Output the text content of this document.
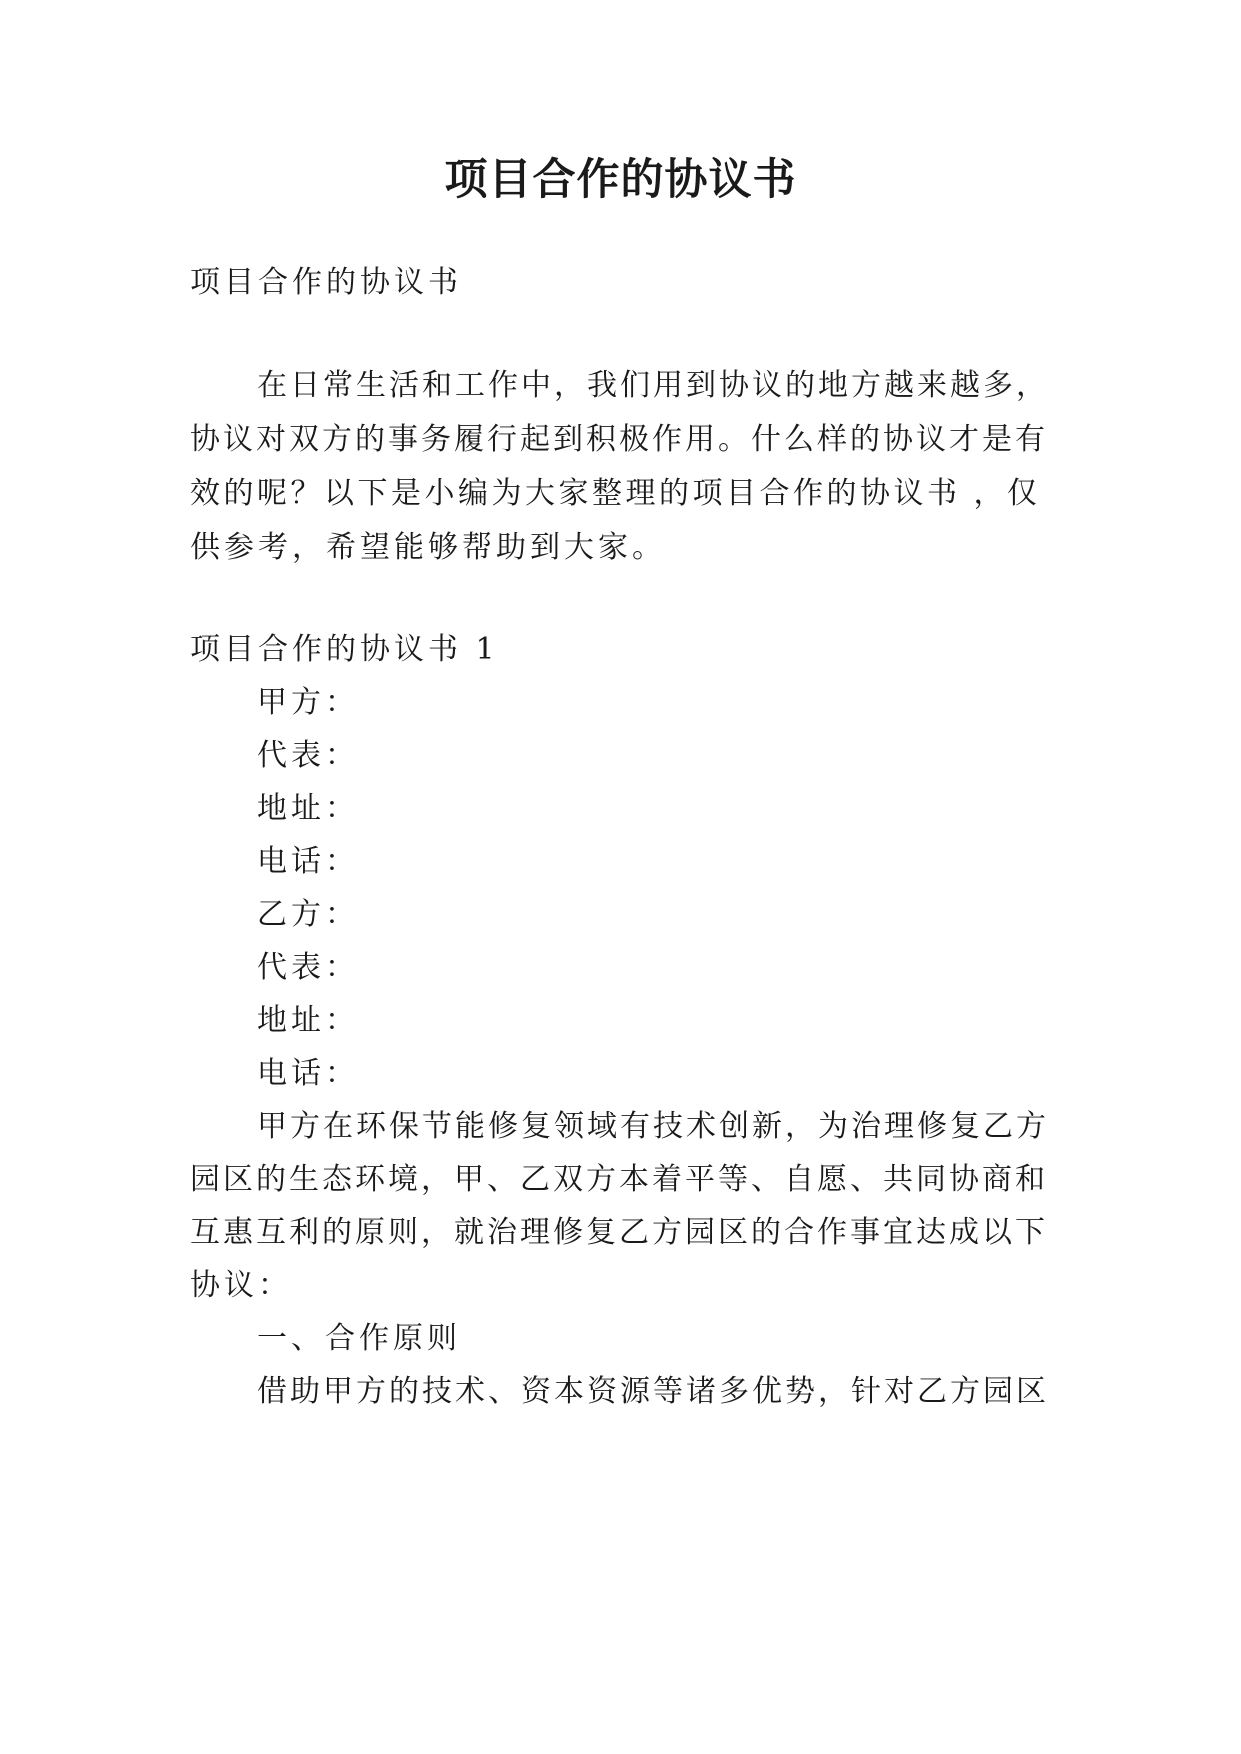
项目合作的协议书
项目合作的协议书
在日常生活和工作中，我们用到协议的地方越来越多，
协议对双方的事务履行起到积极作用。什么样的协议才是有
效的呢？以下是小编为大家整理的项目合作的协议书 ，仅
供参考，希望能够帮助到大家。
项目合作的协议书 1
甲方：
代表：
地址：
电话：
乙方：
代表：
地址：
电话：
甲方在环保节能修复领域有技术创新，为治理修复乙方
园区的生态环境，甲、乙双方本着平等、自愿、共同协商和
互惠互利的原则，就治理修复乙方园区的合作事宜达成以下
协议：
一、合作原则
借助甲方的技术、资本资源等诸多优势，针对乙方园区
